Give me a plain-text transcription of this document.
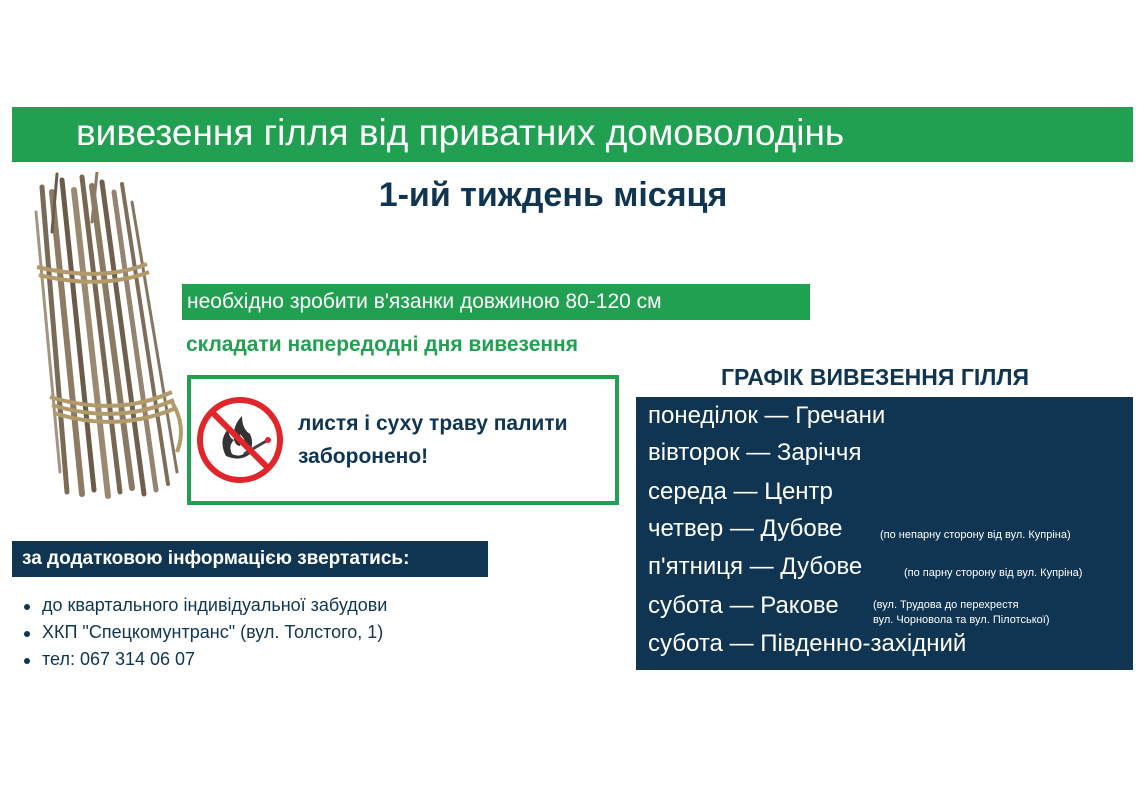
вивезення гілля від приватних домоволодінь
1-ий тиждень місяця
необхідно зробити в'язанки довжиною 80-120 см
складати напередодні дня вивезення
листя і суху траву палити
заборонено!
ГРАФІК ВИВЕЗЕННЯ ГІЛЛЯ
понеділок — Гречани
вівторок — Заріччя
середа — Центр
четвер — Дубове	(по непарну сторону від вул. Купріна)
п'ятниця — Дубове	(по парну сторону від вул. Купріна)
субота — Ракове	(вул. Трудова до перехрестя
вул. Чорновола та вул. Пілотської)
субота — Південно-західний
за додатковою інформацією звертатись:
до квартального індивідуальної забудови
ХКП "Спецкомунтранс" (вул. Толстого, 1)
тел: 067 314 06 07
